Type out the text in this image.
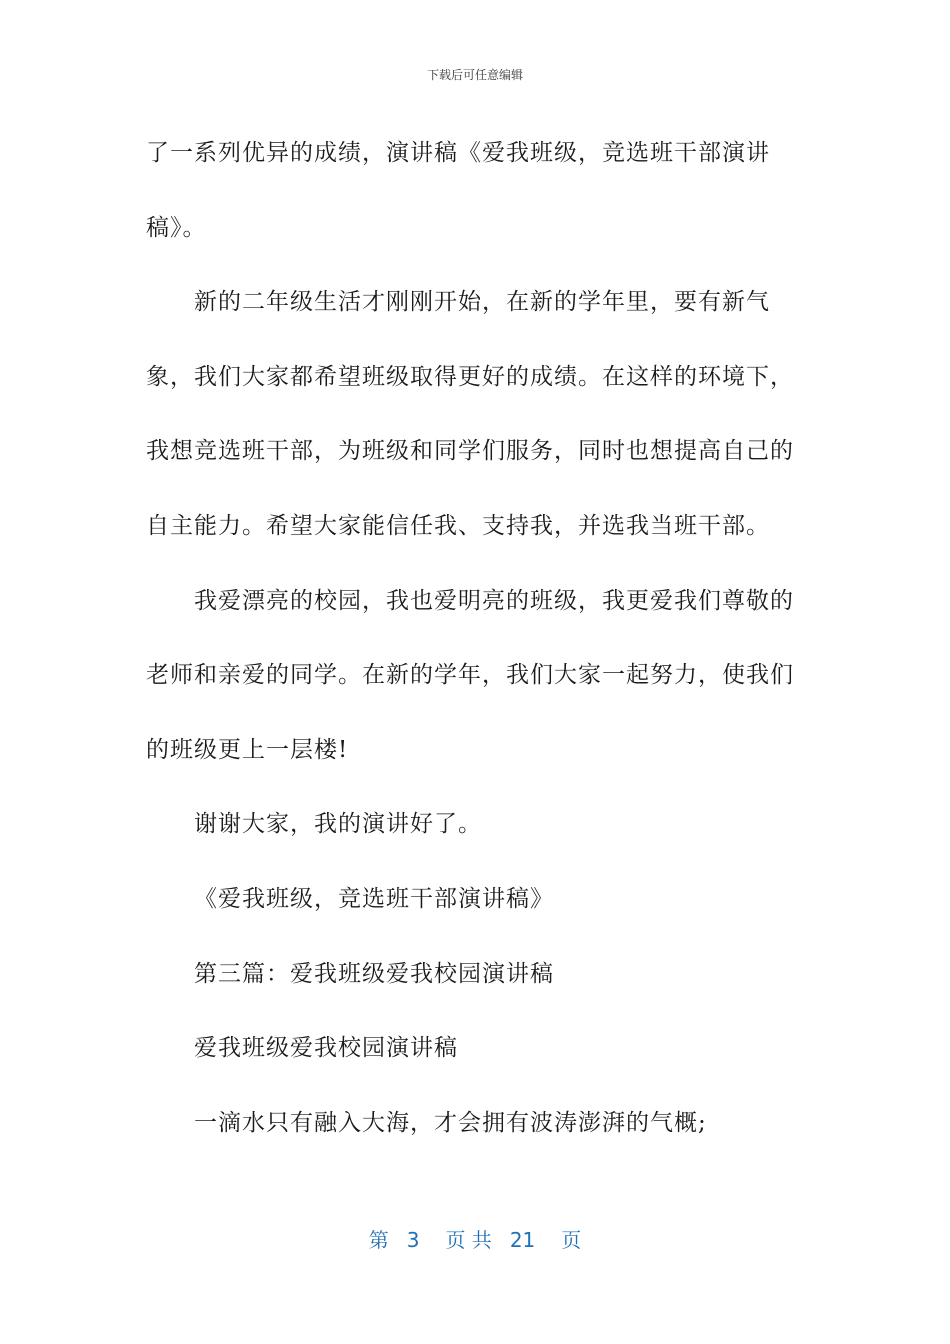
下载后可任意编辑

了一系列优异的成绩，演讲稿《爱我班级，竞选班干部演讲稿》。

新的二年级生活才刚刚开始，在新的学年里，要有新气象，我们大家都希望班级取得更好的成绩。在这样的环境下，我想竞选班干部，为班级和同学们服务，同时也想提高自己的自主能力。希望大家能信任我、支持我，并选我当班干部。

我爱漂亮的校园，我也爱明亮的班级，我更爱我们尊敬的老师和亲爱的同学。在新的学年，我们大家一起努力，使我们的班级更上一层楼!

谢谢大家，我的演讲好了。

《爱我班级，竞选班干部演讲稿》

第三篇：爱我班级爱我校园演讲稿

爱我班级爱我校园演讲稿

一滴水只有融入大海，才会拥有波涛澎湃的气概;

第 3 页 共 21 页
